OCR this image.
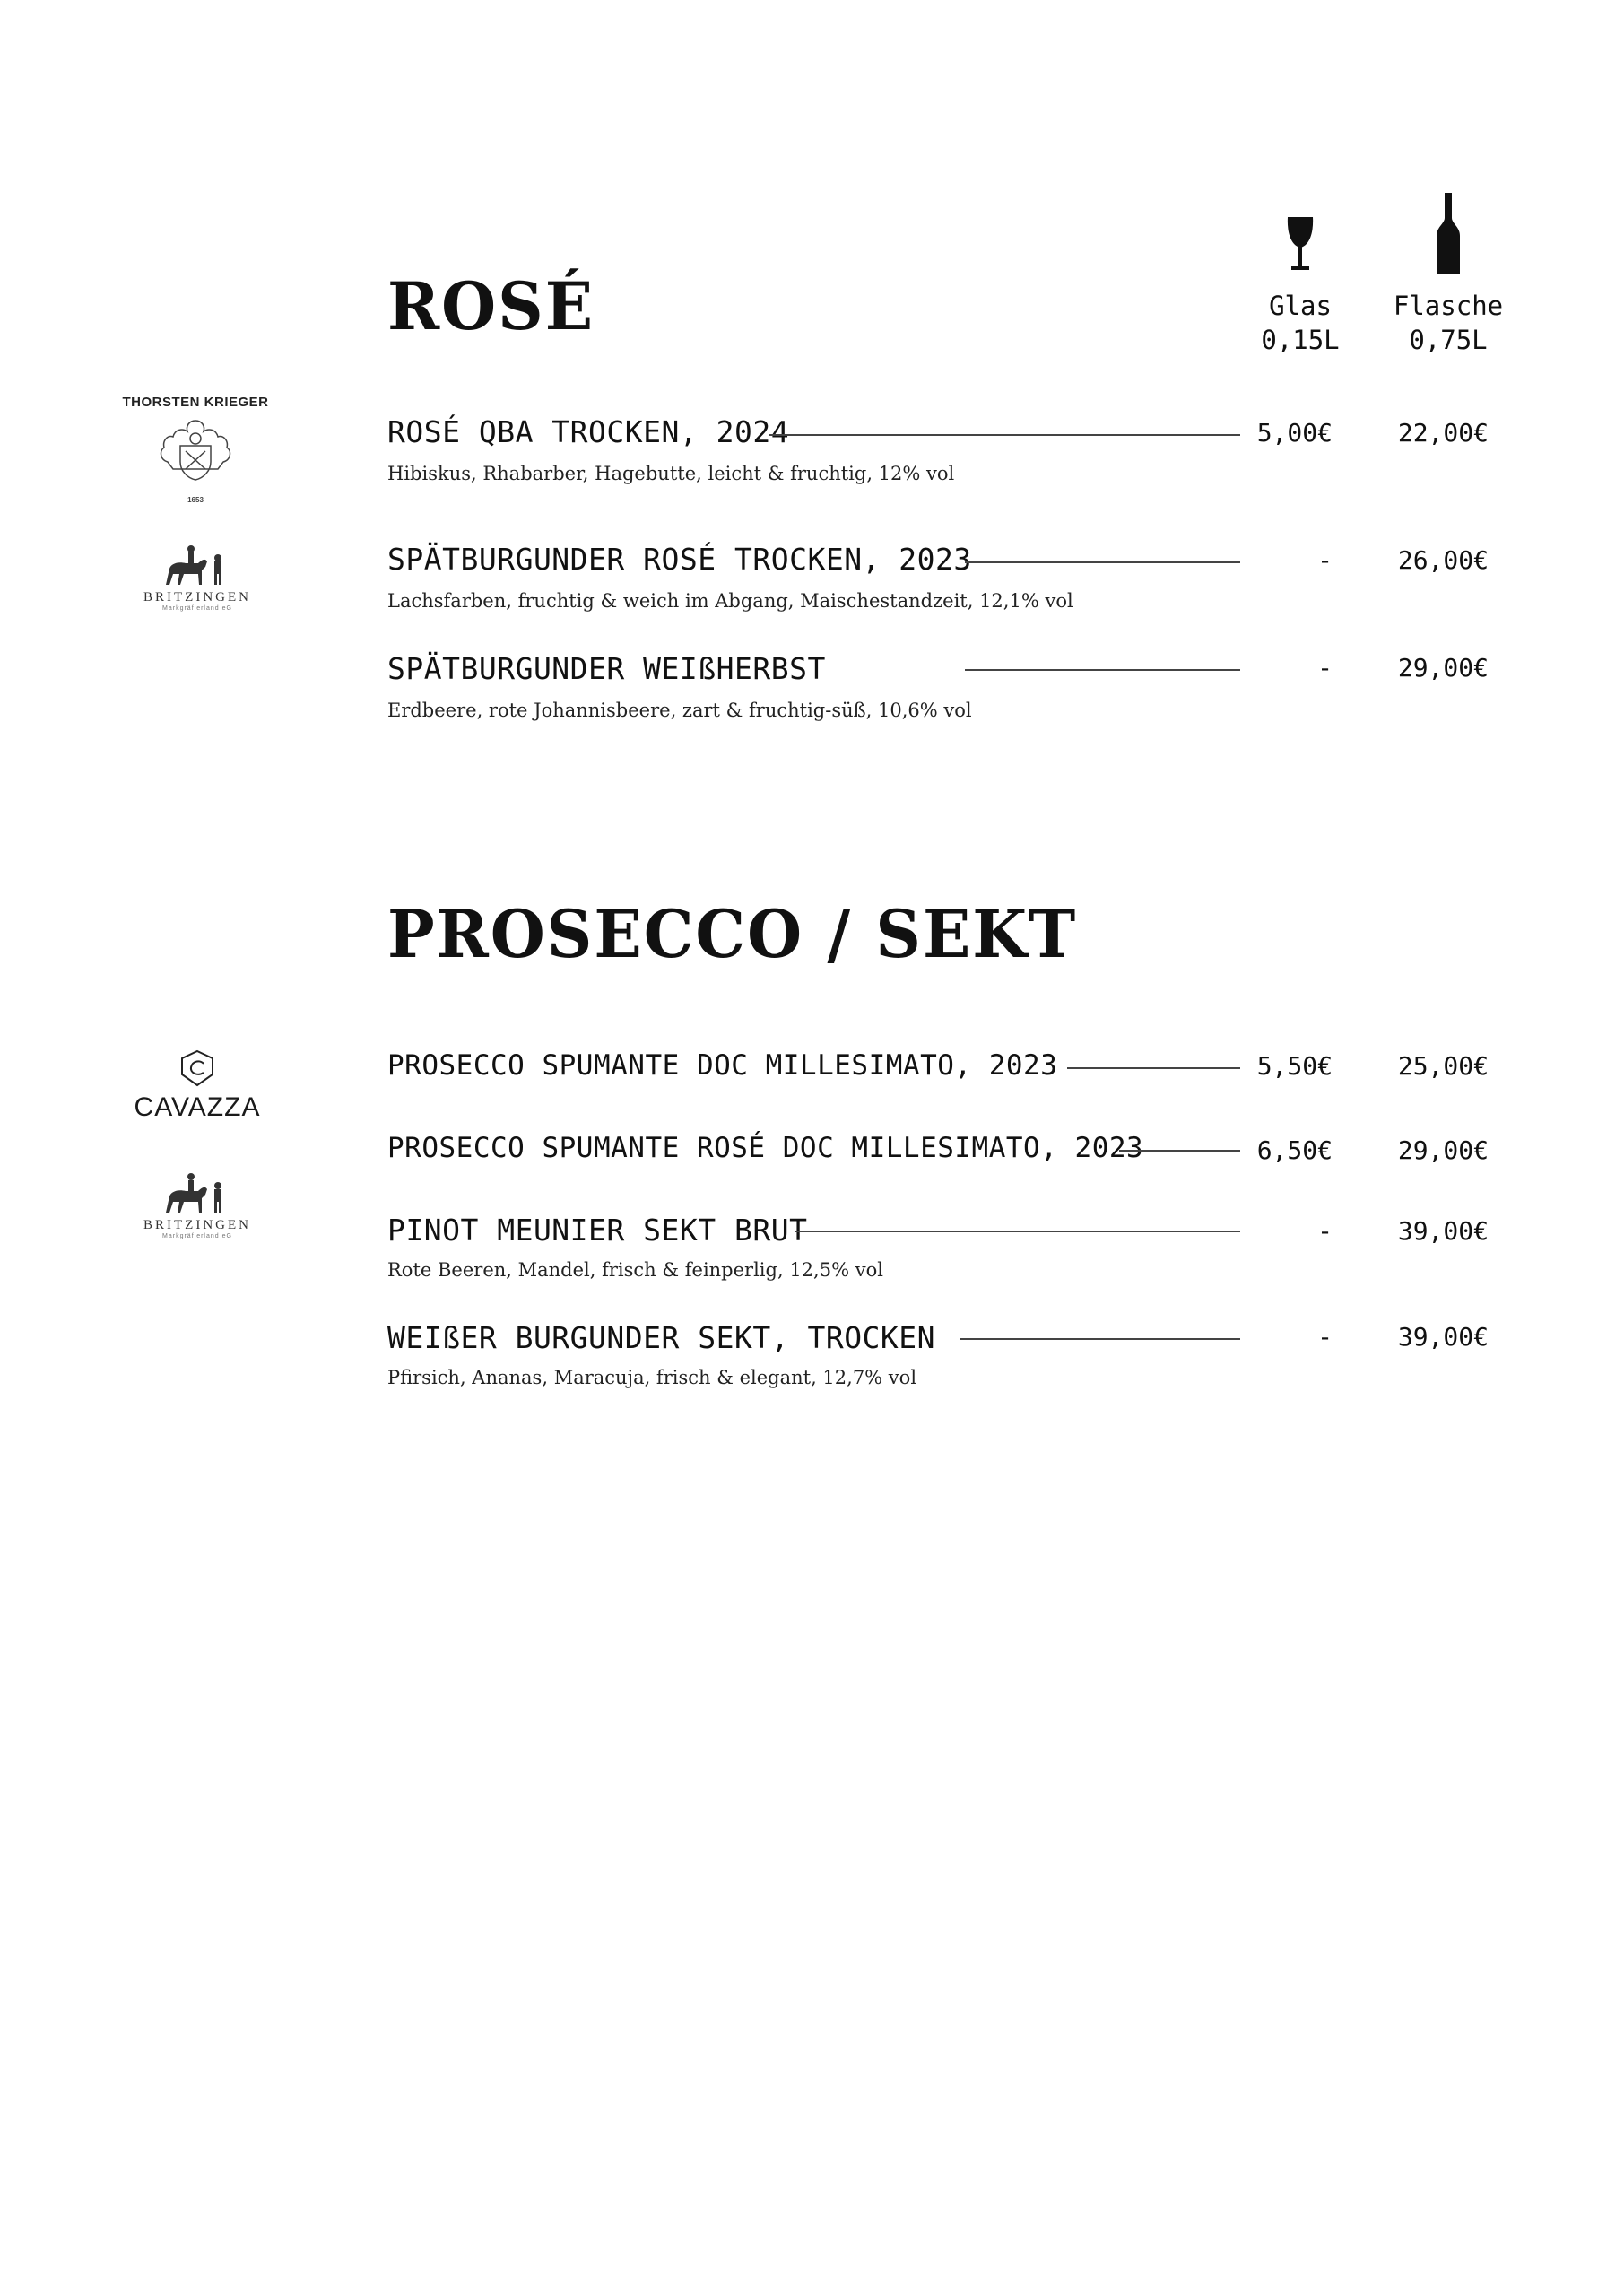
Glas
0,15L
Flasche
0,75L
ROSÉ
PROSECCO / SEKT
ROSÉ QBA TROCKEN, 2024	5,00€	22,00€
Hibiskus, Rhabarber, Hagebutte, leicht & fruchtig, 12% vol
SPÄTBURGUNDER ROSÉ TROCKEN, 2023	-	26,00€
Lachsfarben, fruchtig & weich im Abgang, Maischestandzeit, 12,1% vol
SPÄTBURGUNDER WEIßHERBST	-	29,00€
Erdbeere, rote Johannisbeere, zart & fruchtig-süß, 10,6% vol
PROSECCO SPUMANTE DOC MILLESIMATO, 2023	5,50€	25,00€
PROSECCO SPUMANTE ROSÉ DOC MILLESIMATO, 2023	6,50€	29,00€
PINOT MEUNIER SEKT BRUT	-	39,00€
Rote Beeren, Mandel, frisch & feinperlig, 12,5% vol
WEIßER BURGUNDER SEKT, TROCKEN	-	39,00€
Pfirsich, Ananas, Maracuja, frisch & elegant, 12,7% vol
THORSTEN KRIEGER
1653
BRITZINGEN
Markgräflerland eG
CAVAZZA
BRITZINGEN
Markgräflerland eG
